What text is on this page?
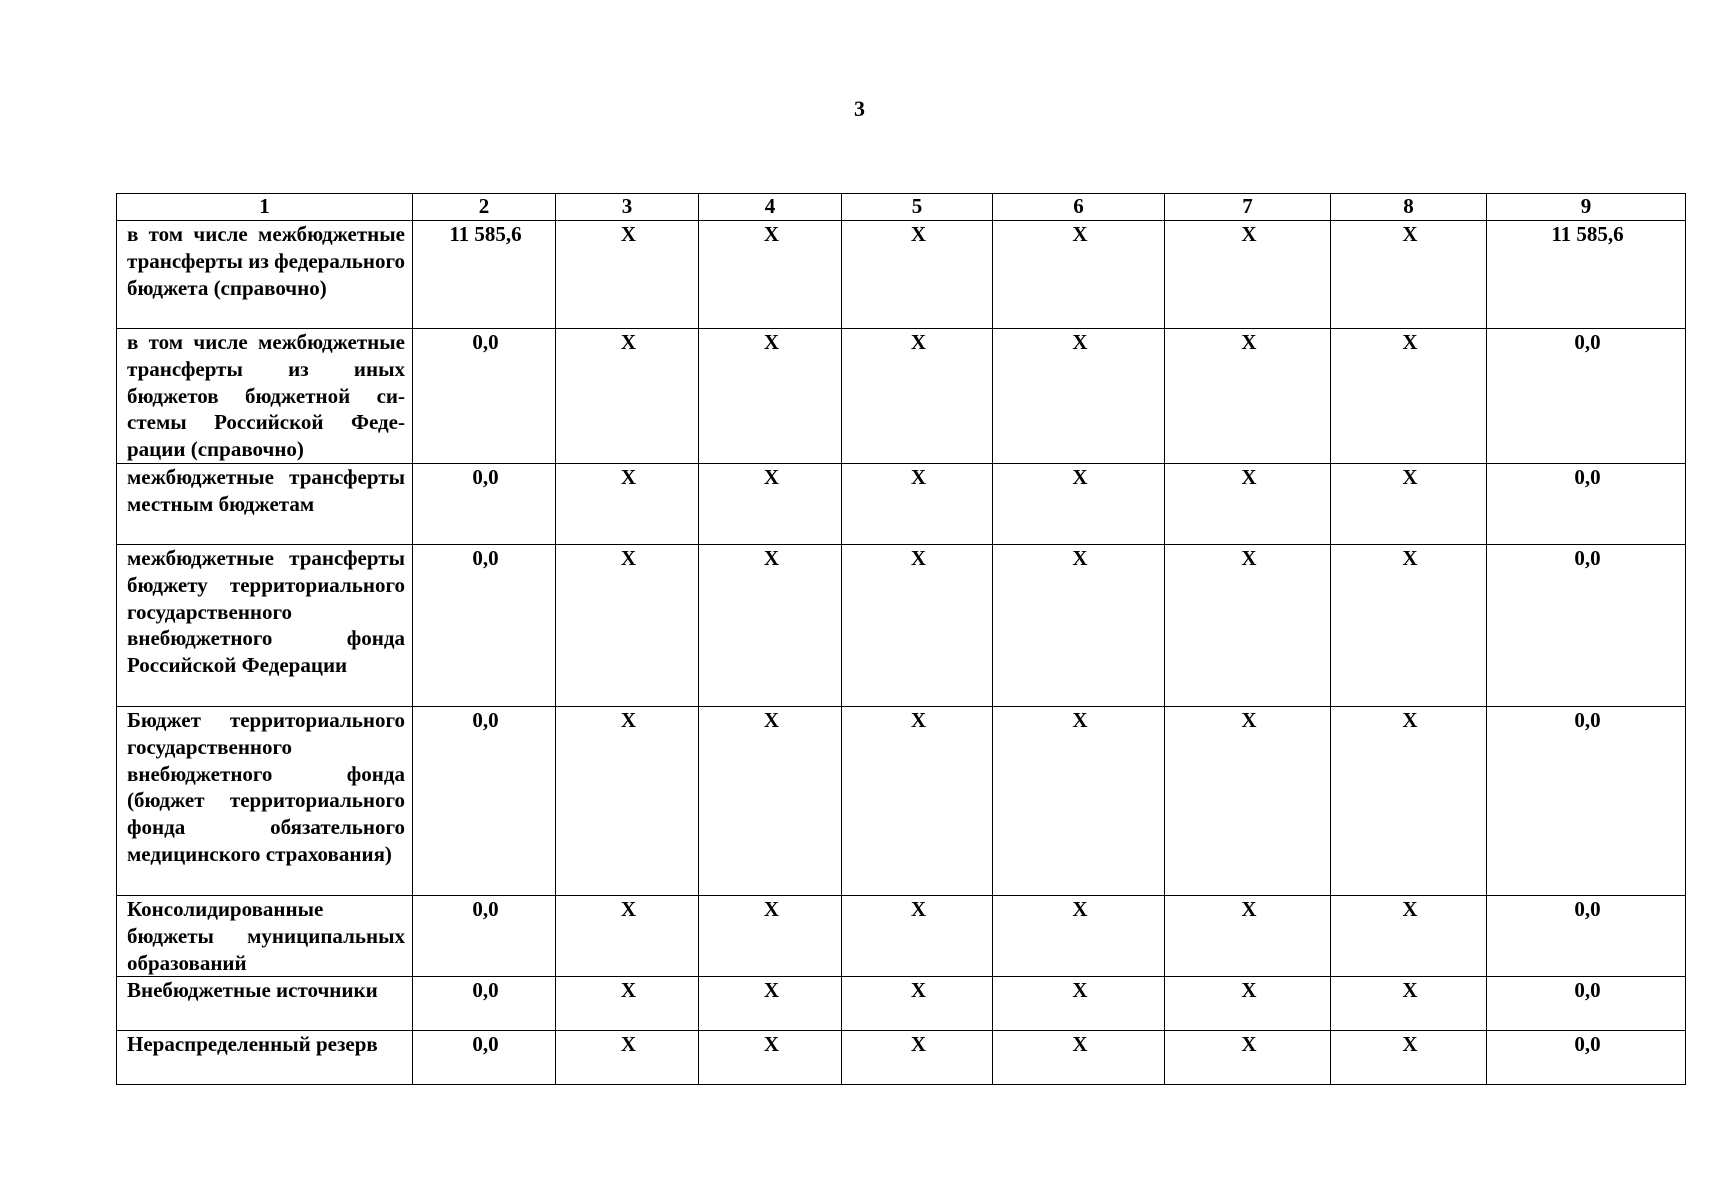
3
1	2	3	4	5	6	7	8	9
в том числе межбюджетные трансферты из федерального бюджета (справочно)	11 585,6	X	X	X	X	X	X	11 585,6
в том числе межбюджетные трансферты из иных бюджетов бюджетной системы Российской Федерации (справочно)	0,0	X	X	X	X	X	X	0,0
межбюджетные трансферты местным бюджетам	0,0	X	X	X	X	X	X	0,0
межбюджетные трансферты бюджету территориального государственного внебюджетного фонда Российской Федерации	0,0	X	X	X	X	X	X	0,0
Бюджет территориального государственного внебюджетного фонда (бюджет территориального фонда обязательного медицинского страхования)	0,0	X	X	X	X	X	X	0,0
Консолидированные бюджеты муниципальных образований	0,0	X	X	X	X	X	X	0,0
Внебюджетные источники	0,0	X	X	X	X	X	X	0,0
Нераспределенный резерв	0,0	X	X	X	X	X	X	0,0
